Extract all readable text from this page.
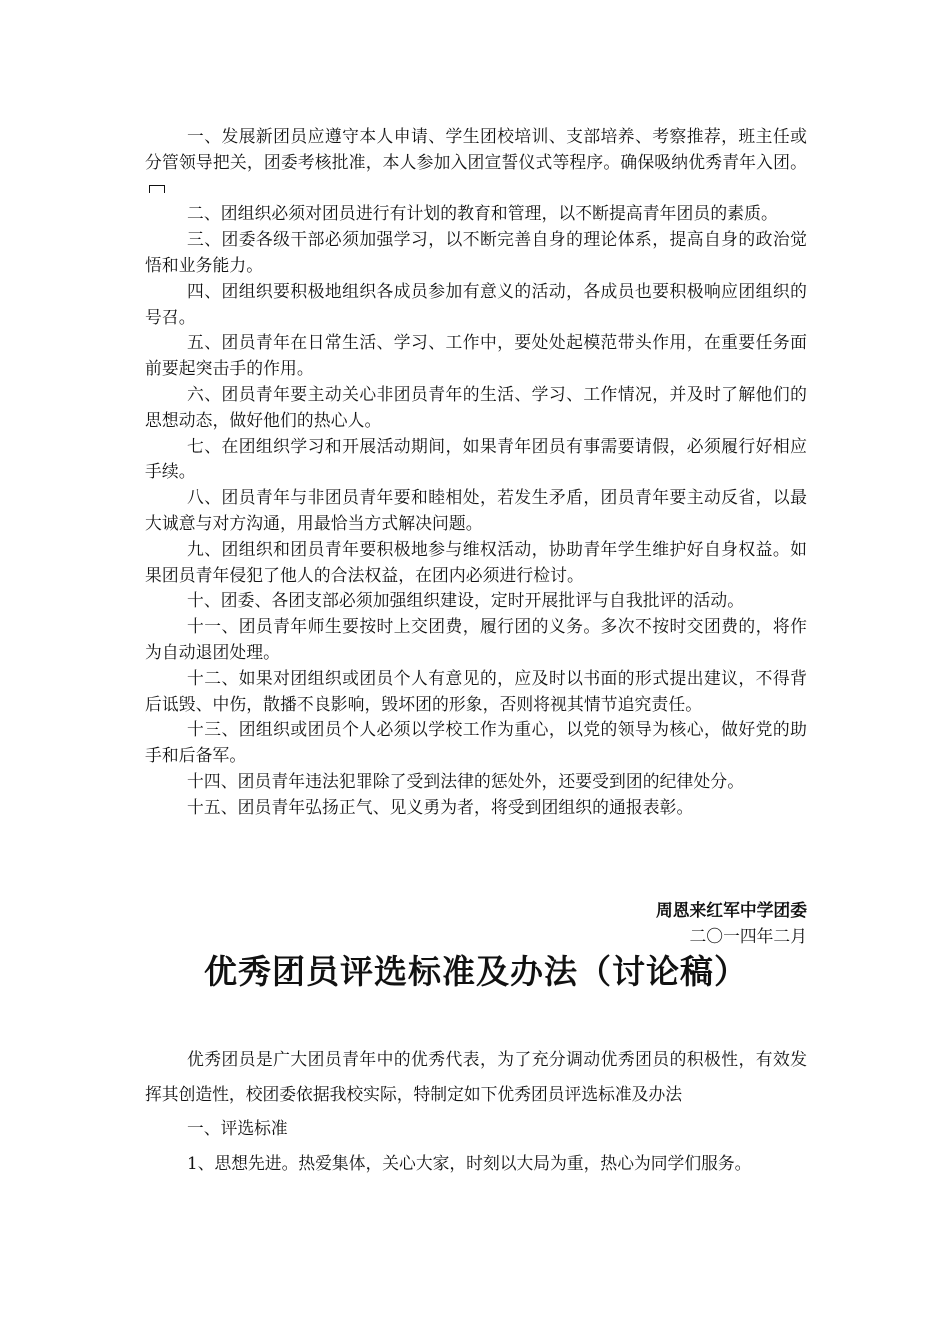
一、发展新团员应遵守本人申请、学生团校培训、支部培养、考察推荐，班主任或分管领导把关，团委考核批准，本人参加入团宣誓仪式等程序。确保吸纳优秀青年入团。

二、团组织必须对团员进行有计划的教育和管理，以不断提高青年团员的素质。

三、团委各级干部必须加强学习，以不断完善自身的理论体系，提高自身的政治觉悟和业务能力。

四、团组织要积极地组织各成员参加有意义的活动，各成员也要积极响应团组织的号召。

五、团员青年在日常生活、学习、工作中，要处处起模范带头作用，在重要任务面前要起突击手的作用。

六、团员青年要主动关心非团员青年的生活、学习、工作情况，并及时了解他们的思想动态，做好他们的热心人。

七、在团组织学习和开展活动期间，如果青年团员有事需要请假，必须履行好相应手续。

八、团员青年与非团员青年要和睦相处，若发生矛盾，团员青年要主动反省，以最大诚意与对方沟通，用最恰当方式解决问题。

九、团组织和团员青年要积极地参与维权活动，协助青年学生维护好自身权益。如果团员青年侵犯了他人的合法权益，在团内必须进行检讨。

十、团委、各团支部必须加强组织建设，定时开展批评与自我批评的活动。

十一、团员青年师生要按时上交团费，履行团的义务。多次不按时交团费的，将作为自动退团处理。

十二、如果对团组织或团员个人有意见的，应及时以书面的形式提出建议，不得背后诋毁、中伤，散播不良影响，毁坏团的形象，否则将视其情节追究责任。

十三、团组织或团员个人必须以学校工作为重心，以党的领导为核心，做好党的助手和后备军。

十四、团员青年违法犯罪除了受到法律的惩处外，还要受到团的纪律处分。

十五、团员青年弘扬正气、见义勇为者，将受到团组织的通报表彰。

周恩来红军中学团委
二〇一四年二月
优秀团员评选标准及办法（讨论稿）

优秀团员是广大团员青年中的优秀代表，为了充分调动优秀团员的积极性，有效发挥其创造性，校团委依据我校实际，特制定如下优秀团员评选标准及办法

一、评选标准

1、思想先进。热爱集体，关心大家，时刻以大局为重，热心为同学们服务。
